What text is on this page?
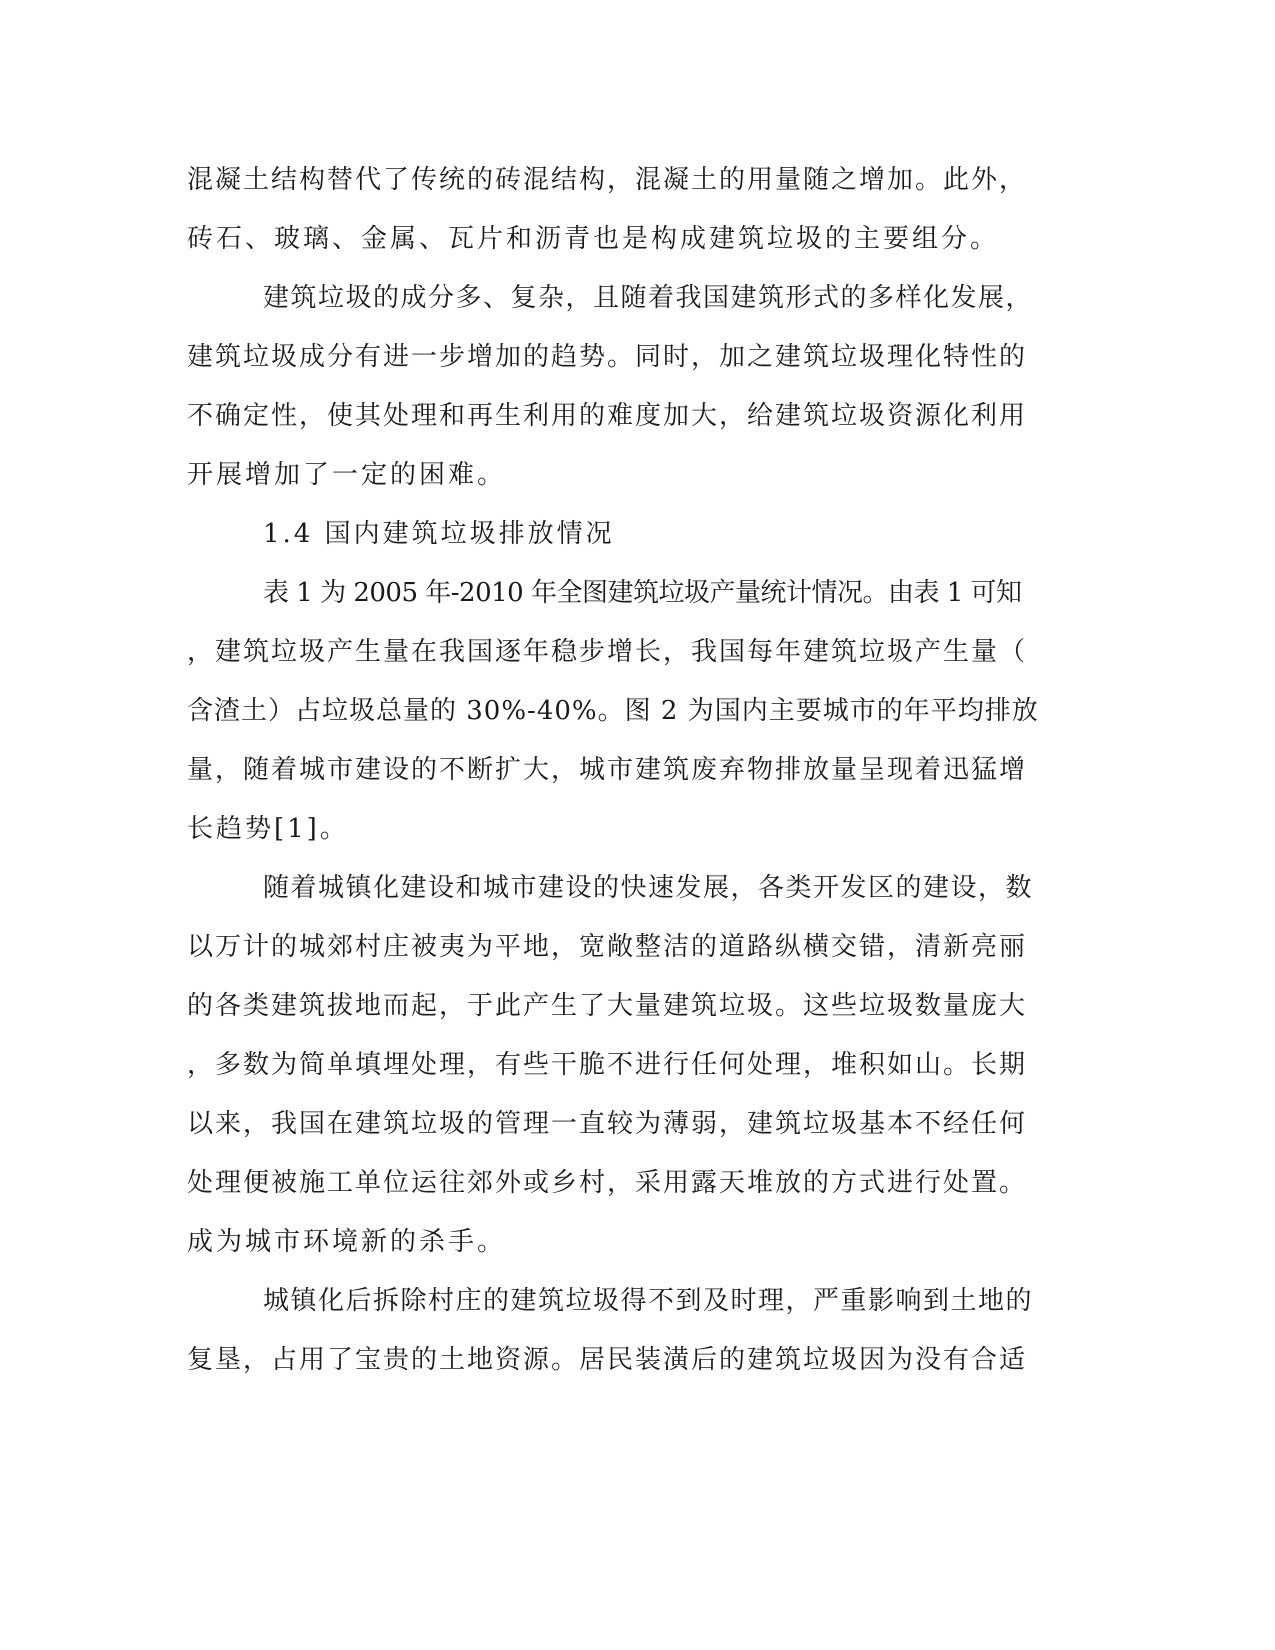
混凝土结构替代了传统的砖混结构，混凝土的用量随之增加。此外，
砖石、玻璃、金属、瓦片和沥青也是构成建筑垃圾的主要组分。
建筑垃圾的成分多、复杂，且随着我国建筑形式的多样化发展，
建筑垃圾成分有进一步增加的趋势。同时，加之建筑垃圾理化特性的
不确定性，使其处理和再生利用的难度加大，给建筑垃圾资源化利用
开展增加了一定的困难。
1.4 国内建筑垃圾排放情况
表 1 为 2005 年-2010 年全图建筑垃圾产量统计情况。由表 1 可知
，建筑垃圾产生量在我国逐年稳步增长，我国每年建筑垃圾产生量（
含渣土）占垃圾总量的 30%-40%。图 2 为国内主要城市的年平均排放
量，随着城市建设的不断扩大，城市建筑废弃物排放量呈现着迅猛增
长趋势[1]。
随着城镇化建设和城市建设的快速发展，各类开发区的建设，数
以万计的城郊村庄被夷为平地，宽敞整洁的道路纵横交错，清新亮丽
的各类建筑拔地而起，于此产生了大量建筑垃圾。这些垃圾数量庞大
，多数为简单填埋处理，有些干脆不进行任何处理，堆积如山。长期
以来，我国在建筑垃圾的管理一直较为薄弱，建筑垃圾基本不经任何
处理便被施工单位运往郊外或乡村，采用露天堆放的方式进行处置。
成为城市环境新的杀手。
城镇化后拆除村庄的建筑垃圾得不到及时理，严重影响到土地的
复垦，占用了宝贵的土地资源。居民装潢后的建筑垃圾因为没有合适
